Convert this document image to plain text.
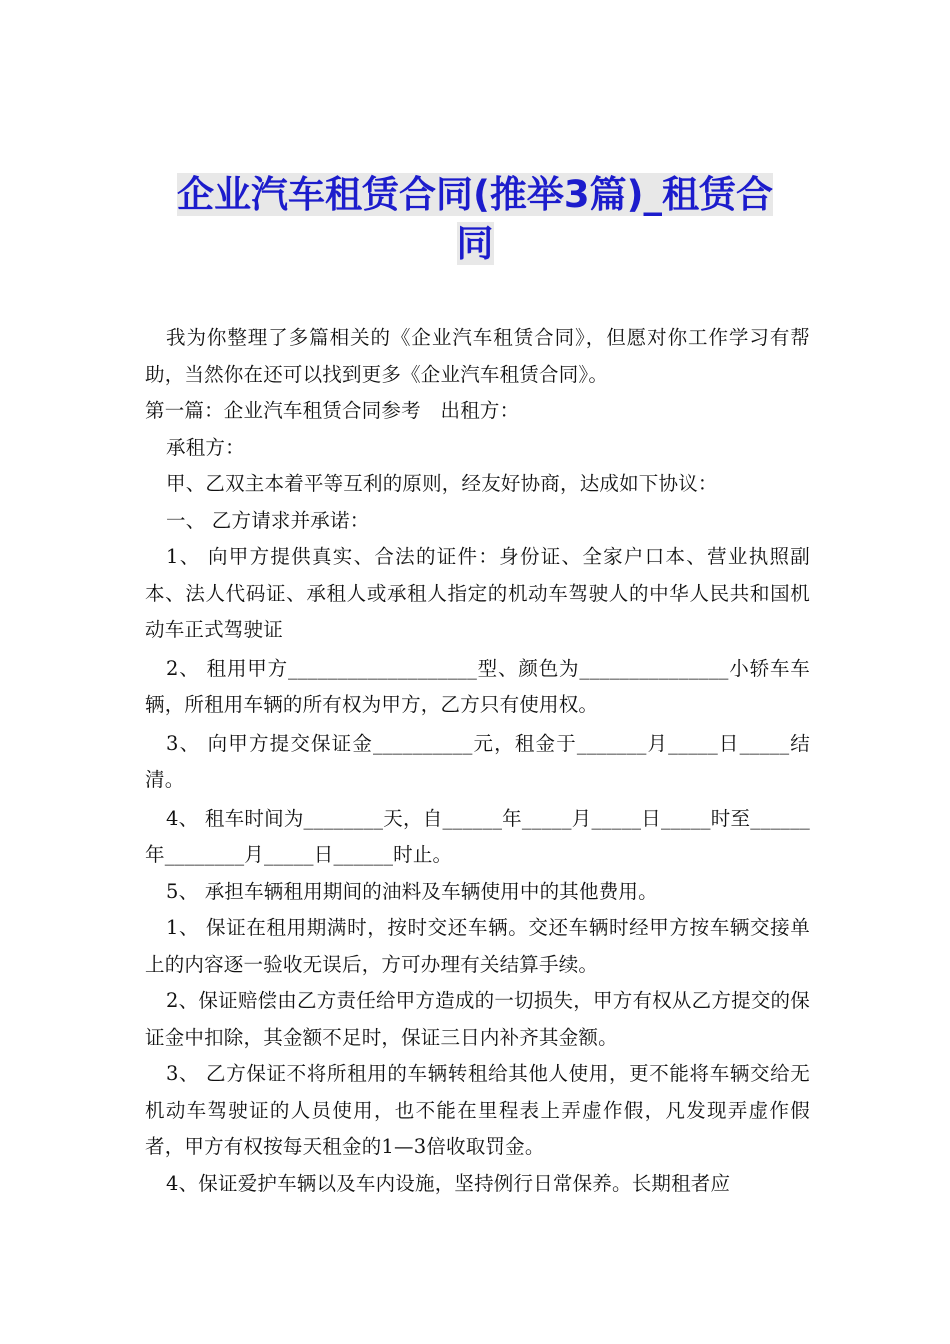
企业汽车租赁合同(推举3篇)_租赁合
同

我为你整理了多篇相关的《企业汽车租赁合同》，但愿对你工作学习有帮助，当然你在还可以找到更多《企业汽车租赁合同》。

第一篇：企业汽车租赁合同参考　出租方：

承租方：

甲、乙双主本着平等互利的原则，经友好协商，达成如下协议：

一、 乙方请求并承诺：

1、 向甲方提供真实、合法的证件：身份证、全家户口本、营业执照副本、法人代码证、承租人或承租人指定的机动车驾驶人的中华人民共和国机动车正式驾驶证

2、 租用甲方___________________型、颜色为_______________小轿车车 辆，所租用车辆的所有权为甲方，乙方只有使用权。

3、 向甲方提交保证金__________元，租金于_______月_____日_____结清。

4、 租车时间为________天，自______年_____月_____日_____时至______ 年________月_____日______时止。

5、 承担车辆租用期间的油料及车辆使用中的其他费用。

1、 保证在租用期满时，按时交还车辆。交还车辆时经甲方按车辆交接单上的内容逐一验收无误后，方可办理有关结算手续。

2、保证赔偿由乙方责任给甲方造成的一切损失，甲方有权从乙方提交的保证金中扣除，其金额不足时，保证三日内补齐其金额。

3、 乙方保证不将所租用的车辆转租给其他人使用，更不能将车辆交给无机动车驾驶证的人员使用，也不能在里程表上弄虚作假，凡发现弄虚作假者，甲方有权按每天租金的1—3倍收取罚金。

4、保证爱护车辆以及车内设施，坚持例行日常保养。长期租者应
